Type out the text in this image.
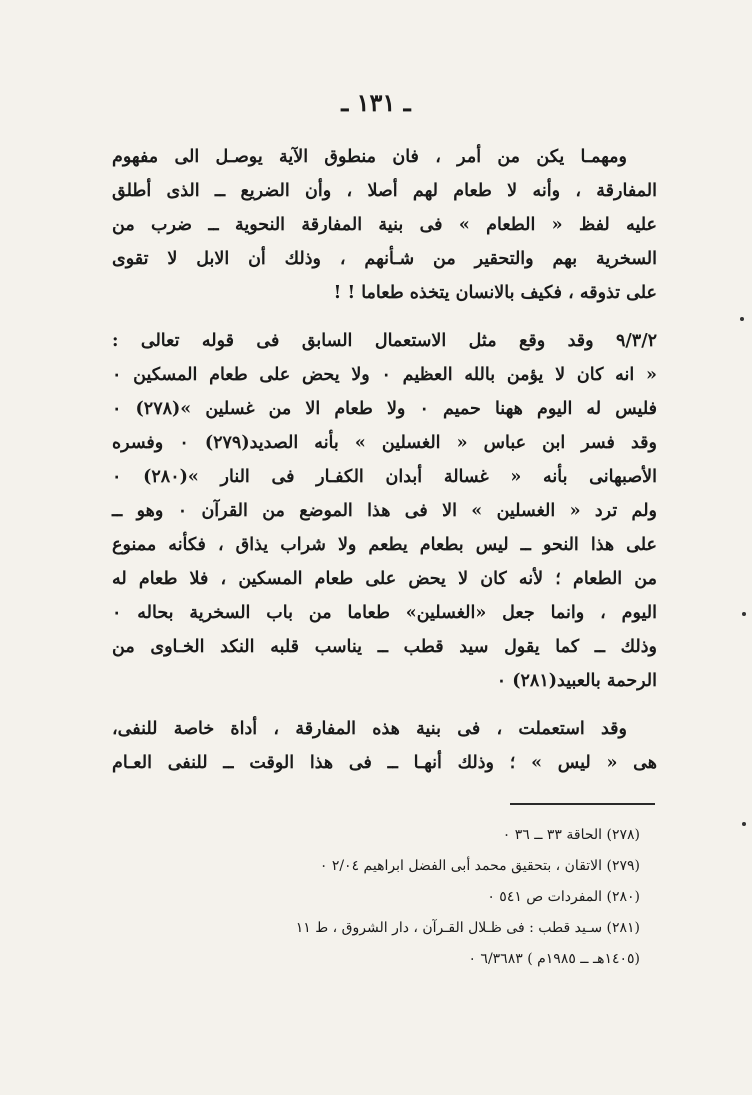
ـ ١٣١ ـ

ومهمـا يكن من أمر ، فان منطوق الآية يوصـل الى مفهوم
المفارقة ، وأنه لا طعام لهم أصلا ، وأن الضريع ــ الذى أطلق
عليه لفظ « الطعام » فى بنية المفارقة النحوية ــ ضرب من
السخرية بهم والتحقير من شـأنهم ، وذلك أن الابل لا تقوى
على تذوقه ، فكيف بالانسان يتخذه طعاما ! !

٩/٣/٢ وقد وقع مثل الاستعمال السابق فى قوله تعالى :
« انه كان لا يؤمن بالله العظيم ٠ ولا يحض على طعام المسكين ٠
فليس له اليوم ههنا حميم ٠ ولا طعام الا من غسلين »(٢٧٨) ٠
وقد فسر ابن عباس « الغسلين » بأنه الصديد(٢٧٩) ٠ وفسره
الأصبهانى بأنه « غسالة أبدان الكفـار فى النار »(٢٨٠) ٠
ولم ترد « الغسلين » الا فى هذا الموضع من القرآن ٠ وهو ــ
على هذا النحو ــ ليس بطعام يطعم ولا شراب يذاق ، فكأنه ممنوع
من الطعام ؛ لأنه كان لا يحض على طعام المسكين ، فلا طعام له
اليوم ، وانما جعل «الغسلين» طعاما من باب السخرية بحاله ٠
وذلك ــ كما يقول سيد قطب ــ يناسب قلبه النكد الخـاوى من
الرحمة بالعبيد(٢٨١) ٠

وقد استعملت ، فى بنية هذه المفارقة ، أداة خاصة للنفى،
هى « ليس » ؛ وذلك أنهـا ــ فى هذا الوقت ــ للنفى العـام

(٢٧٨) الحاقة ٣٣ ــ ٣٦ ٠
(٢٧٩) الاتقان ، بتحقيق محمد أبى الفضل ابراهيم ٢/٠٤ ٠
(٢٨٠) المفردات ص ٥٤١ ٠
(٢٨١) سـيد قطب : فى ظـلال القـرآن ، دار الشروق ، ط ١١
(١٤٠٥هـ ــ ١٩٨٥م ) ٦/٣٦٨٣ ٠
